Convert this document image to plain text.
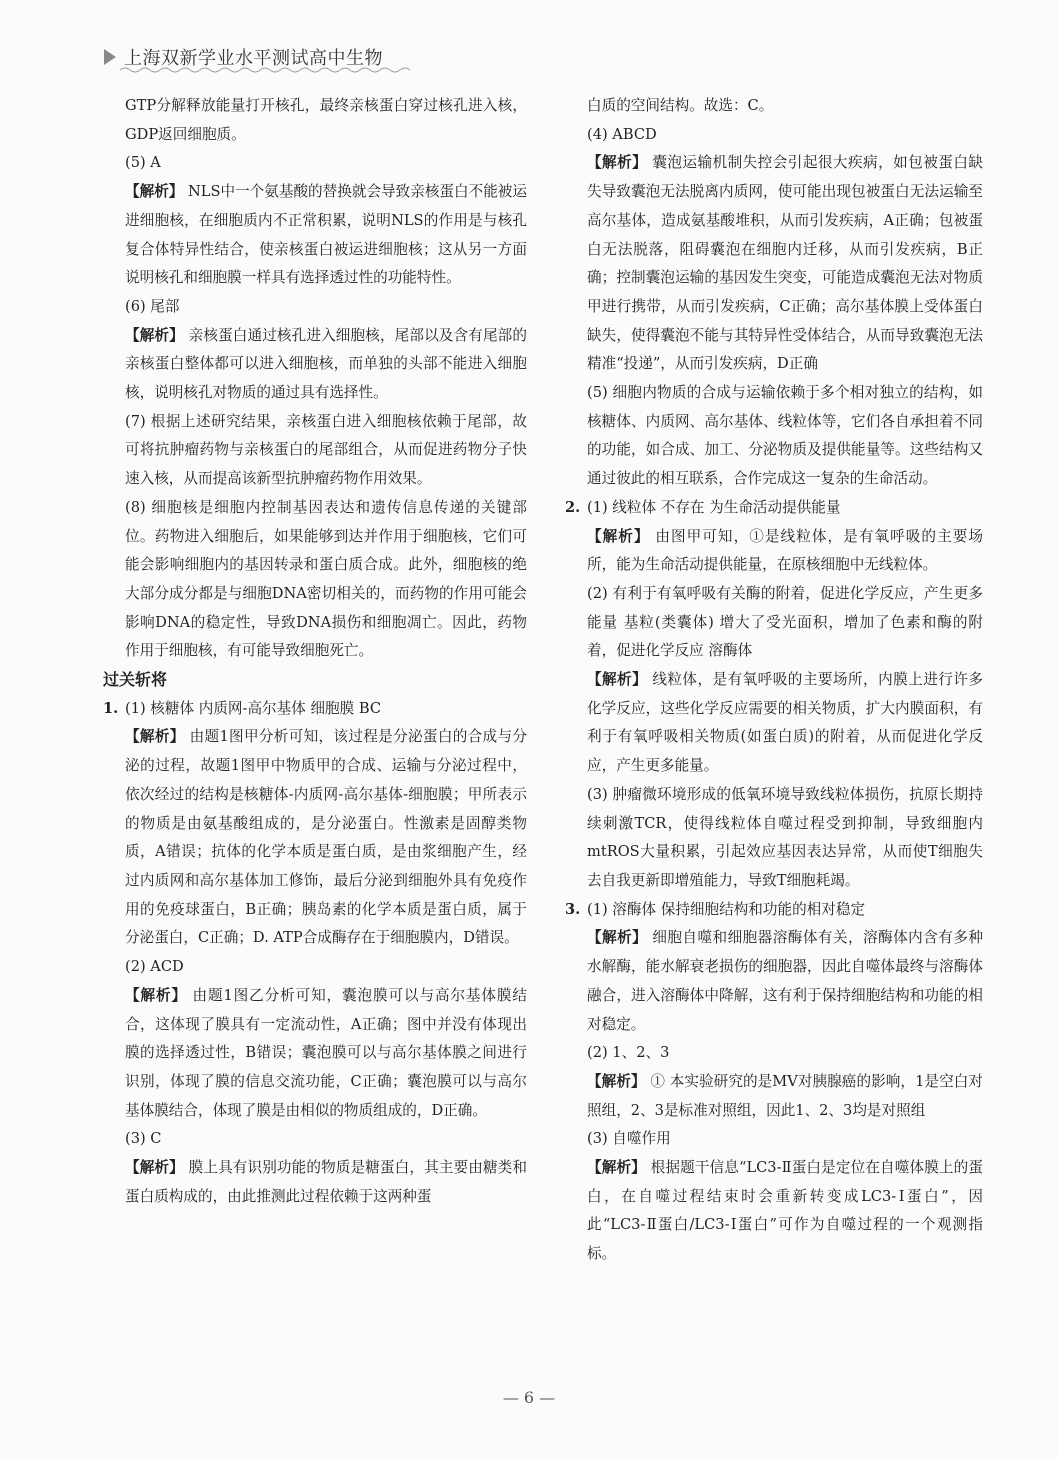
上海双新学业水平测试高中生物

GTP分解释放能量打开核孔，最终亲核蛋白穿过核孔进入核，GDP返回细胞质。

(5) A

【解析】 NLS中一个氨基酸的替换就会导致亲核蛋白不能被运进细胞核，在细胞质内不正常积累，说明NLS的作用是与核孔复合体特异性结合，使亲核蛋白被运进细胞核；这从另一方面说明核孔和细胞膜一样具有选择透过性的功能特性。

(6) 尾部

【解析】 亲核蛋白通过核孔进入细胞核，尾部以及含有尾部的亲核蛋白整体都可以进入细胞核，而单独的头部不能进入细胞核，说明核孔对物质的通过具有选择性。

(7) 根据上述研究结果，亲核蛋白进入细胞核依赖于尾部，故可将抗肿瘤药物与亲核蛋白的尾部组合，从而促进药物分子快速入核，从而提高该新型抗肿瘤药物作用效果。

(8) 细胞核是细胞内控制基因表达和遗传信息传递的关键部位。药物进入细胞后，如果能够到达并作用于细胞核，它们可能会影响细胞内的基因转录和蛋白质合成。此外，细胞核的绝大部分成分都是与细胞DNA密切相关的，而药物的作用可能会影响DNA的稳定性，导致DNA损伤和细胞凋亡。因此，药物作用于细胞核，有可能导致细胞死亡。

过关斩将

1. (1) 核糖体 内质网-高尔基体 细胞膜 BC

【解析】 由题1图甲分析可知，该过程是分泌蛋白的合成与分泌的过程，故题1图甲中物质甲的合成、运输与分泌过程中，依次经过的结构是核糖体-内质网-高尔基体-细胞膜；甲所表示的物质是由氨基酸组成的，是分泌蛋白。性激素是固醇类物质，A错误；抗体的化学本质是蛋白质，是由浆细胞产生，经过内质网和高尔基体加工修饰，最后分泌到细胞外具有免疫作用的免疫球蛋白，B正确；胰岛素的化学本质是蛋白质，属于分泌蛋白，C正确；D. ATP合成酶存在于细胞膜内，D错误。

(2) ACD

【解析】 由题1图乙分析可知，囊泡膜可以与高尔基体膜结合，这体现了膜具有一定流动性，A正确；图中并没有体现出膜的选择透过性，B错误；囊泡膜可以与高尔基体膜之间进行识别，体现了膜的信息交流功能，C正确；囊泡膜可以与高尔基体膜结合，体现了膜是由相似的物质组成的，D正确。

(3) C

【解析】 膜上具有识别功能的物质是糖蛋白，其主要由糖类和蛋白质构成的，由此推测此过程依赖于这两种蛋

白质的空间结构。故选：C。

(4) ABCD

【解析】 囊泡运输机制失控会引起很大疾病，如包被蛋白缺失导致囊泡无法脱离内质网，使可能出现包被蛋白无法运输至高尔基体，造成氨基酸堆积，从而引发疾病，A正确；包被蛋白无法脱落，阻碍囊泡在细胞内迁移，从而引发疾病，B正确；控制囊泡运输的基因发生突变，可能造成囊泡无法对物质甲进行携带，从而引发疾病，C正确；高尔基体膜上受体蛋白缺失，使得囊泡不能与其特异性受体结合，从而导致囊泡无法精准“投递”，从而引发疾病，D正确

(5) 细胞内物质的合成与运输依赖于多个相对独立的结构，如核糖体、内质网、高尔基体、线粒体等，它们各自承担着不同的功能，如合成、加工、分泌物质及提供能量等。这些结构又通过彼此的相互联系，合作完成这一复杂的生命活动。

2. (1) 线粒体 不存在 为生命活动提供能量

【解析】 由图甲可知，①是线粒体，是有氧呼吸的主要场所，能为生命活动提供能量，在原核细胞中无线粒体。

(2) 有利于有氧呼吸有关酶的附着，促进化学反应，产生更多能量 基粒(类囊体) 增大了受光面积，增加了色素和酶的附着，促进化学反应 溶酶体

【解析】 线粒体，是有氧呼吸的主要场所，内膜上进行许多化学反应，这些化学反应需要的相关物质，扩大内膜面积，有利于有氧呼吸相关物质(如蛋白质)的附着，从而促进化学反应，产生更多能量。

(3) 肿瘤微环境形成的低氧环境导致线粒体损伤，抗原长期持续刺激TCR，使得线粒体自噬过程受到抑制，导致细胞内mtROS大量积累，引起效应基因表达异常，从而使T细胞失去自我更新即增殖能力，导致T细胞耗竭。

3. (1) 溶酶体 保持细胞结构和功能的相对稳定

【解析】 细胞自噬和细胞器溶酶体有关，溶酶体内含有多种水解酶，能水解衰老损伤的细胞器，因此自噬体最终与溶酶体融合，进入溶酶体中降解，这有利于保持细胞结构和功能的相对稳定。

(2) 1、2、3

【解析】 ① 本实验研究的是MV对胰腺癌的影响，1是空白对照组，2、3是标准对照组，因此1、2、3均是对照组

(3) 自噬作用

【解析】 根据题干信息“LC3-Ⅱ蛋白是定位在自噬体膜上的蛋白，在自噬过程结束时会重新转变成LC3-Ⅰ蛋白”，因此“LC3-Ⅱ蛋白/LC3-Ⅰ蛋白”可作为自噬过程的一个观测指标。

— 6 —
